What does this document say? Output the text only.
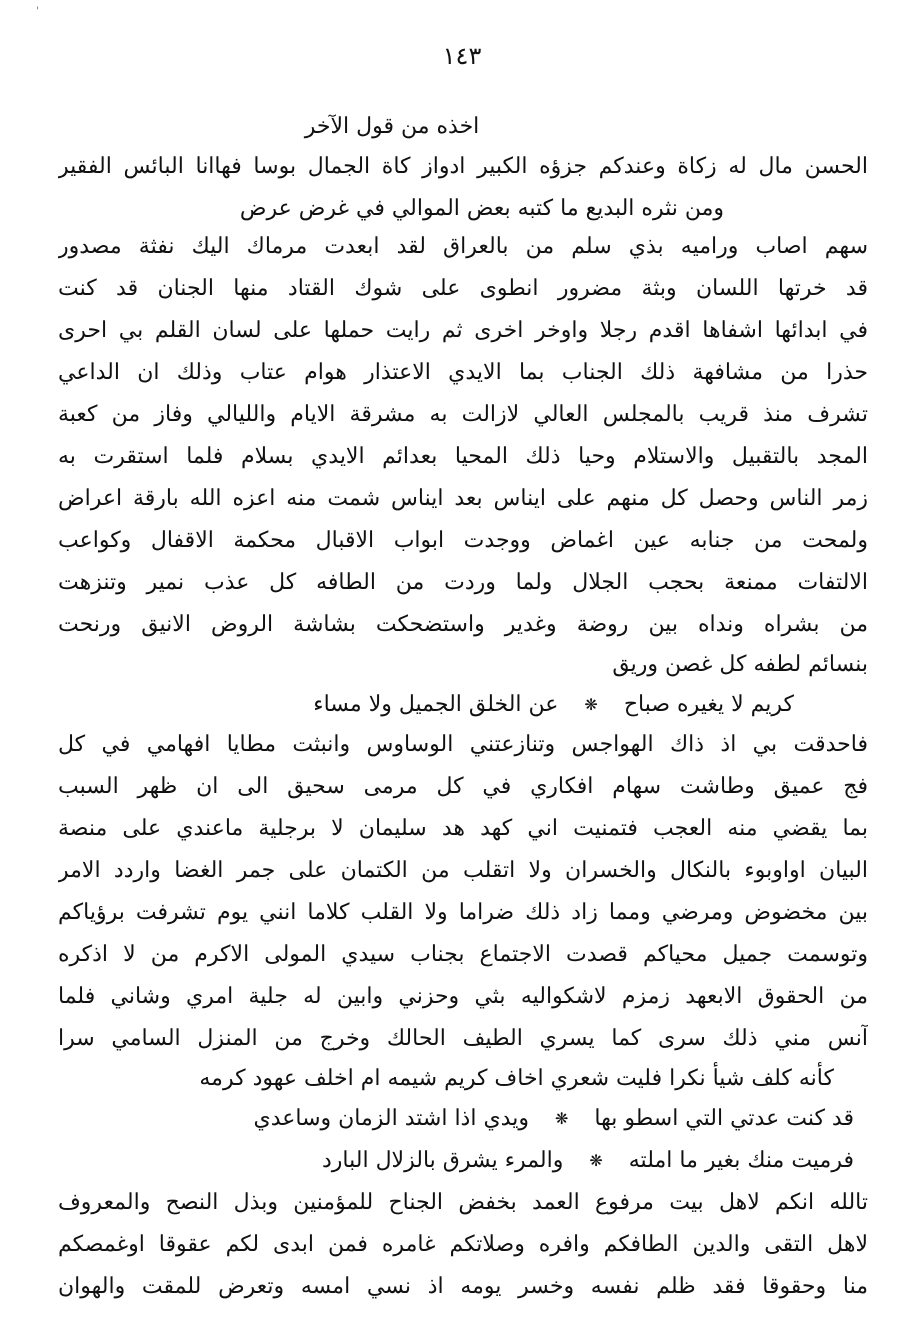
'
١٤٣
اخذه من قول الآخر
الحسن مال له زكاة وعندكم جزؤه الكبير ادواز كاة الجمال بوسا فهاانا البائس الفقير
ومن نثره البديع ما كتبه بعض الموالي في غرض عرض
سهم اصاب وراميه بذي سلم من بالعراق لقد ابعدت مرماك اليك نفثة مصدور
قد خرتها اللسان وبثة مضرور انطوى على شوك القتاد منها الجنان قد كنت
في ابدائها اشفاها اقدم رجلا واوخر اخرى ثم رايت حملها على لسان القلم بي احرى
حذرا من مشافهة ذلك الجناب بما الايدي الاعتذار هوام عتاب وذلك ان الداعي
تشرف منذ قريب بالمجلس العالي لازالت به مشرقة الايام والليالي وفاز من كعبة
المجد بالتقبيل والاستلام وحيا ذلك المحيا بعدائم الايدي بسلام فلما استقرت به
زمر الناس وحصل كل منهم على ايناس بعد ايناس شمت منه اعزه الله بارقة اعراض
ولمحت من جنابه عين اغماض ووجدت ابواب الاقبال محكمة الاقفال وكواعب
الالتفات ممنعة بحجب الجلال ولما وردت من الطافه كل عذب نمير وتنزهت
من بشراه ونداه بين روضة وغدير واستضحكت بشاشة الروض الانيق ورنحت
بنسائم لطفه كل غصن وريق
كريم لا يغيره صباح
❋
عن الخلق الجميل ولا مساء
فاحدقت بي اذ ذاك الهواجس وتنازعتني الوساوس وانبثت مطايا افهامي في كل
فج عميق وطاشت سهام افكاري في كل مرمى سحيق الى ان ظهر السبب
بما يقضي منه العجب فتمنيت اني كهد هد سليمان لا برجلية ماعندي على منصة
البيان اواوبوء بالنكال والخسران ولا اتقلب من الكتمان على جمر الغضا واردد الامر
بين مخضوض ومرضي ومما زاد ذلك ضراما ولا القلب كلاما انني يوم تشرفت برؤياكم
وتوسمت جميل محياكم قصدت الاجتماع بجناب سيدي المولى الاكرم من لا اذكره
من الحقوق الابعهد زمزم لاشكواليه بثي وحزني وابين له جلية امري وشاني فلما
آنس مني ذلك سرى كما يسري الطيف الحالك وخرج من المنزل السامي سرا
كأنه كلف شيأ نكرا فليت شعري اخاف كريم شيمه ام اخلف عهود كرمه
قد كنت عدتي التي اسطو بها
❋
ويدي اذا اشتد الزمان وساعدي
فرميت منك بغير ما املته
❋
والمرء يشرق بالزلال البارد
تالله انكم لاهل بيت مرفوع العمد بخفض الجناح للمؤمنين وبذل النصح والمعروف
لاهل التقى والدين الطافكم وافره وصلاتكم غامره فمن ابدى لكم عقوقا اوغمصكم
منا وحقوقا فقد ظلم نفسه وخسر يومه اذ نسي امسه وتعرض للمقت والهوان
